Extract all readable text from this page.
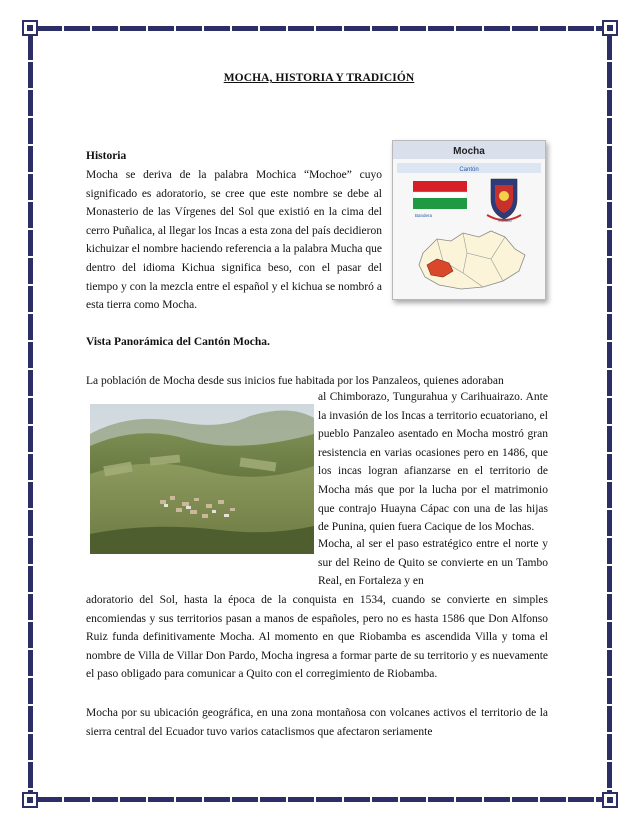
MOCHA, HISTORIA Y TRADICIÓN
Historia

Mocha se deriva de la palabra Mochica “Mochoe” cuyo significado es adoratorio, se cree que este nombre se debe al Monasterio de las Vírgenes del Sol que existió en la cima del cerro Puñalica, al llegar los Incas a esta zona del país decidieron kichuizar el nombre haciendo referencia a la palabra Mucha que dentro del idioma Kichua significa beso, con el pasar del tiempo y con la mezcla entre el español y el kichua se nombró a esta tierra como Mocha.

Mocha
Cantón
Bandera
Escudo
Vista Panorámica del Cantón Mocha.

La población de Mocha desde sus inicios fue habitada por los Panzaleos, quienes adoraban

al Chimborazo, Tungurahua y Carihuairazo. Ante la invasión de los Incas a territorio ecuatoriano, el pueblo Panzaleo asentado en Mocha mostró gran resistencia en varias ocasiones pero en 1486, que los incas logran afianzarse en el territorio de Mocha más que por la lucha por el matrimonio que contrajo Huayna Cápac con una de las hijas de Punina, quien fuera Cacique de los Mochas.

Mocha, al ser el paso estratégico entre el norte y sur del Reino de Quito se convierte en un Tambo Real, en Fortaleza y en

adoratorio del Sol, hasta la época de la conquista en 1534, cuando se convierte en simples encomiendas y sus territorios pasan a manos de españoles, pero no es hasta 1586 que Don Alfonso Ruiz funda definitivamente Mocha. Al momento en que Riobamba es ascendida Villa y toma el nombre de Villa de Villar Don Pardo, Mocha ingresa a formar parte de su territorio y es nuevamente el paso obligado para comunicar a Quito con el corregimiento de Riobamba.

Mocha por su ubicación geográfica, en una zona montañosa con volcanes activos el territorio de la sierra central del Ecuador tuvo varios cataclismos que afectaron seriamente
